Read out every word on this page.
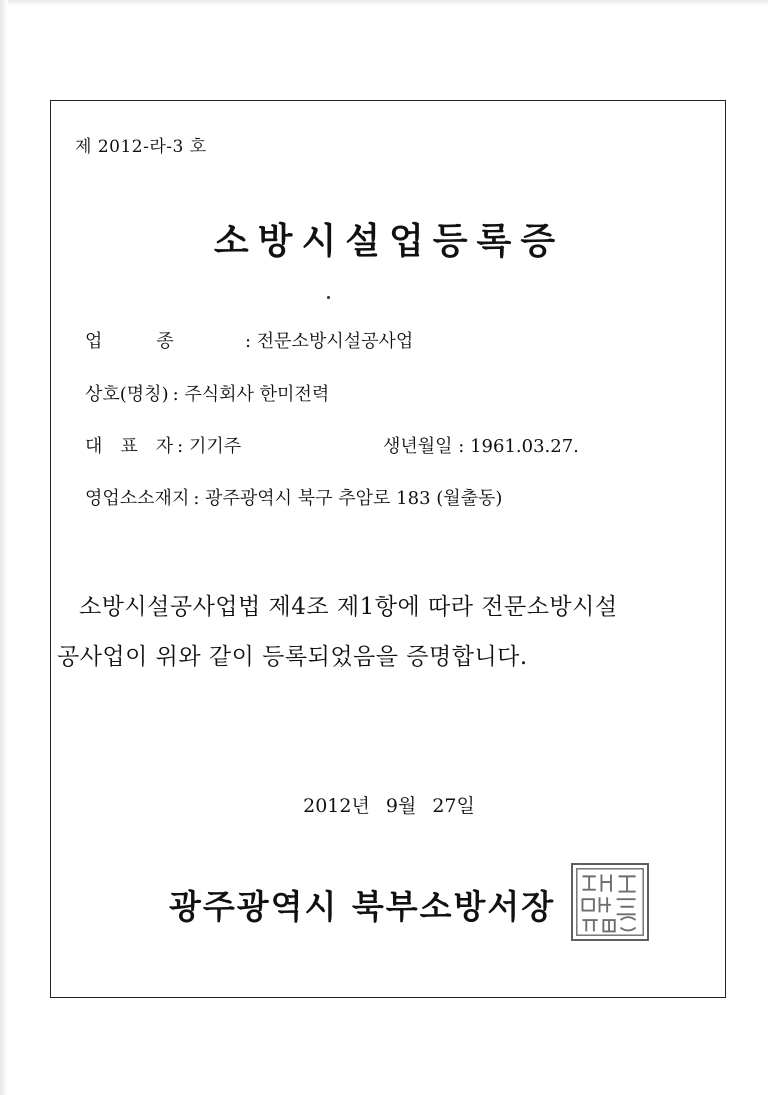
제 2012-라-3 호
소방시설업등록증
업　　　종	: 전문소방시설공사업
상호(명칭) : 주식회사 한미전력
대　표　자 : 기기주	생년월일 : 1961.03.27.
영업소소재지 : 광주광역시 북구 추암로 183 (월출동)
소방시설공사업법 제4조 제1항에 따라 전문소방시설
공사업이 위와 같이 등록되었음을 증명합니다.
2012년 9월 27일
광주광역시 북부소방서장
